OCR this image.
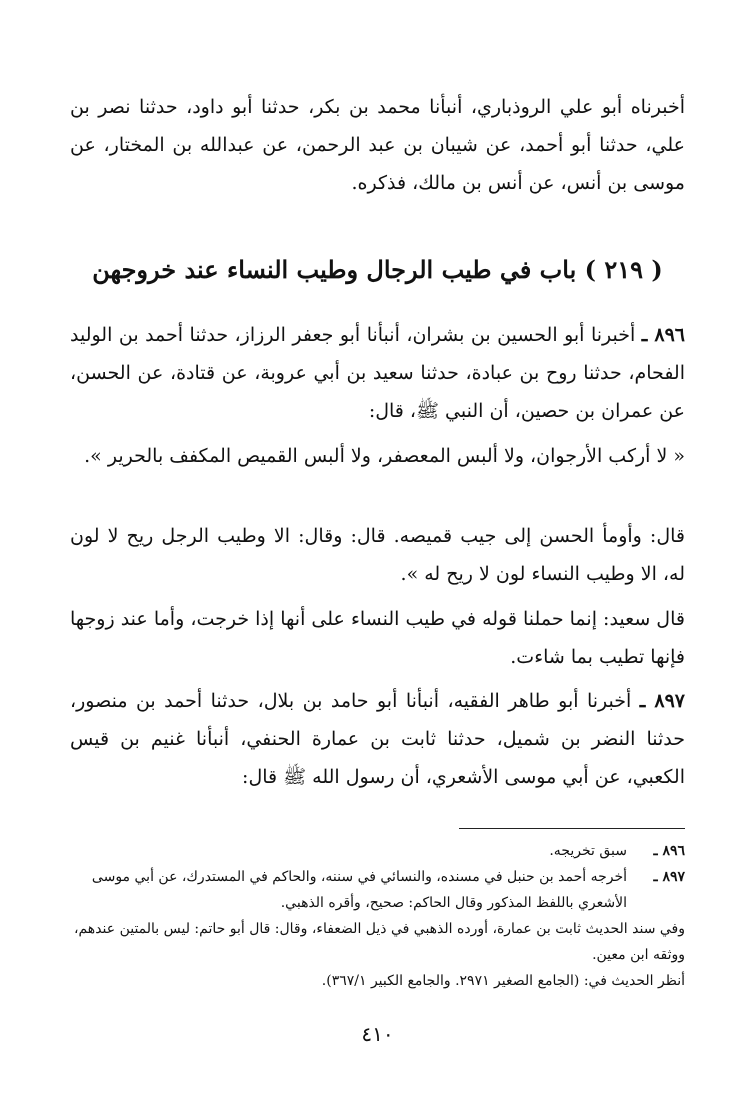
أخبرناه أبو علي الروذباري، أنبأنا محمد بن بكر، حدثنا أبو داود، حدثنا نصر بن علي، حدثنا أبو أحمد، عن شيبان بن عبد الرحمن، عن عبدالله بن المختار، عن موسى بن أنس، عن أنس بن مالك، فذكره.

( ٢١٩ ) باب في طيب الرجال وطيب النساء عند خروجهن

٨٩٦ ـ أخبرنا أبو الحسين بن بشران، أنبأنا أبو جعفر الرزاز، حدثنا أحمد بن الوليد الفحام، حدثنا روح بن عبادة، حدثنا سعيد بن أبي عروبة، عن قتادة، عن الحسن، عن عمران بن حصين، أن النبي ﷺ، قال:

« لا أركب الأرجوان، ولا ألبس المعصفر، ولا ألبس القميص المكفف بالحرير ».

قال: وأومأ الحسن إلى جيب قميصه. قال: وقال: الا وطيب الرجل ريح لا لون له، الا وطيب النساء لون لا ريح له ».

قال سعيد: إنما حملنا قوله في طيب النساء على أنها إذا خرجت، وأما عند زوجها فإنها تطيب بما شاءت.

٨٩٧ ـ أخبرنا أبو طاهر الفقيه، أنبأنا أبو حامد بن بلال، حدثنا أحمد بن منصور، حدثنا النضر بن شميل، حدثنا ثابت بن عمارة الحنفي، أنبأنا غنيم بن قيس الكعبي، عن أبي موسى الأشعري، أن رسول الله ﷺ قال:

٨٩٦ ـ
سبق تخريجه.
٨٩٧ ـ
أخرجه أحمد بن حنبل في مسنده، والنسائي في سننه، والحاكم في المستدرك، عن أبي موسى الأشعري باللفظ المذكور وقال الحاكم: صحيح، وأقره الذهبي.
وفي سند الحديث ثابت بن عمارة، أورده الذهبي في ذيل الضعفاء، وقال: قال أبو حاتم: ليس بالمتين عندهم، ووثقه ابن معين.
أنظر الحديث في: (الجامع الصغير ٢٩٧١. والجامع الكبير ٣٦٧/١).
٤١٠
